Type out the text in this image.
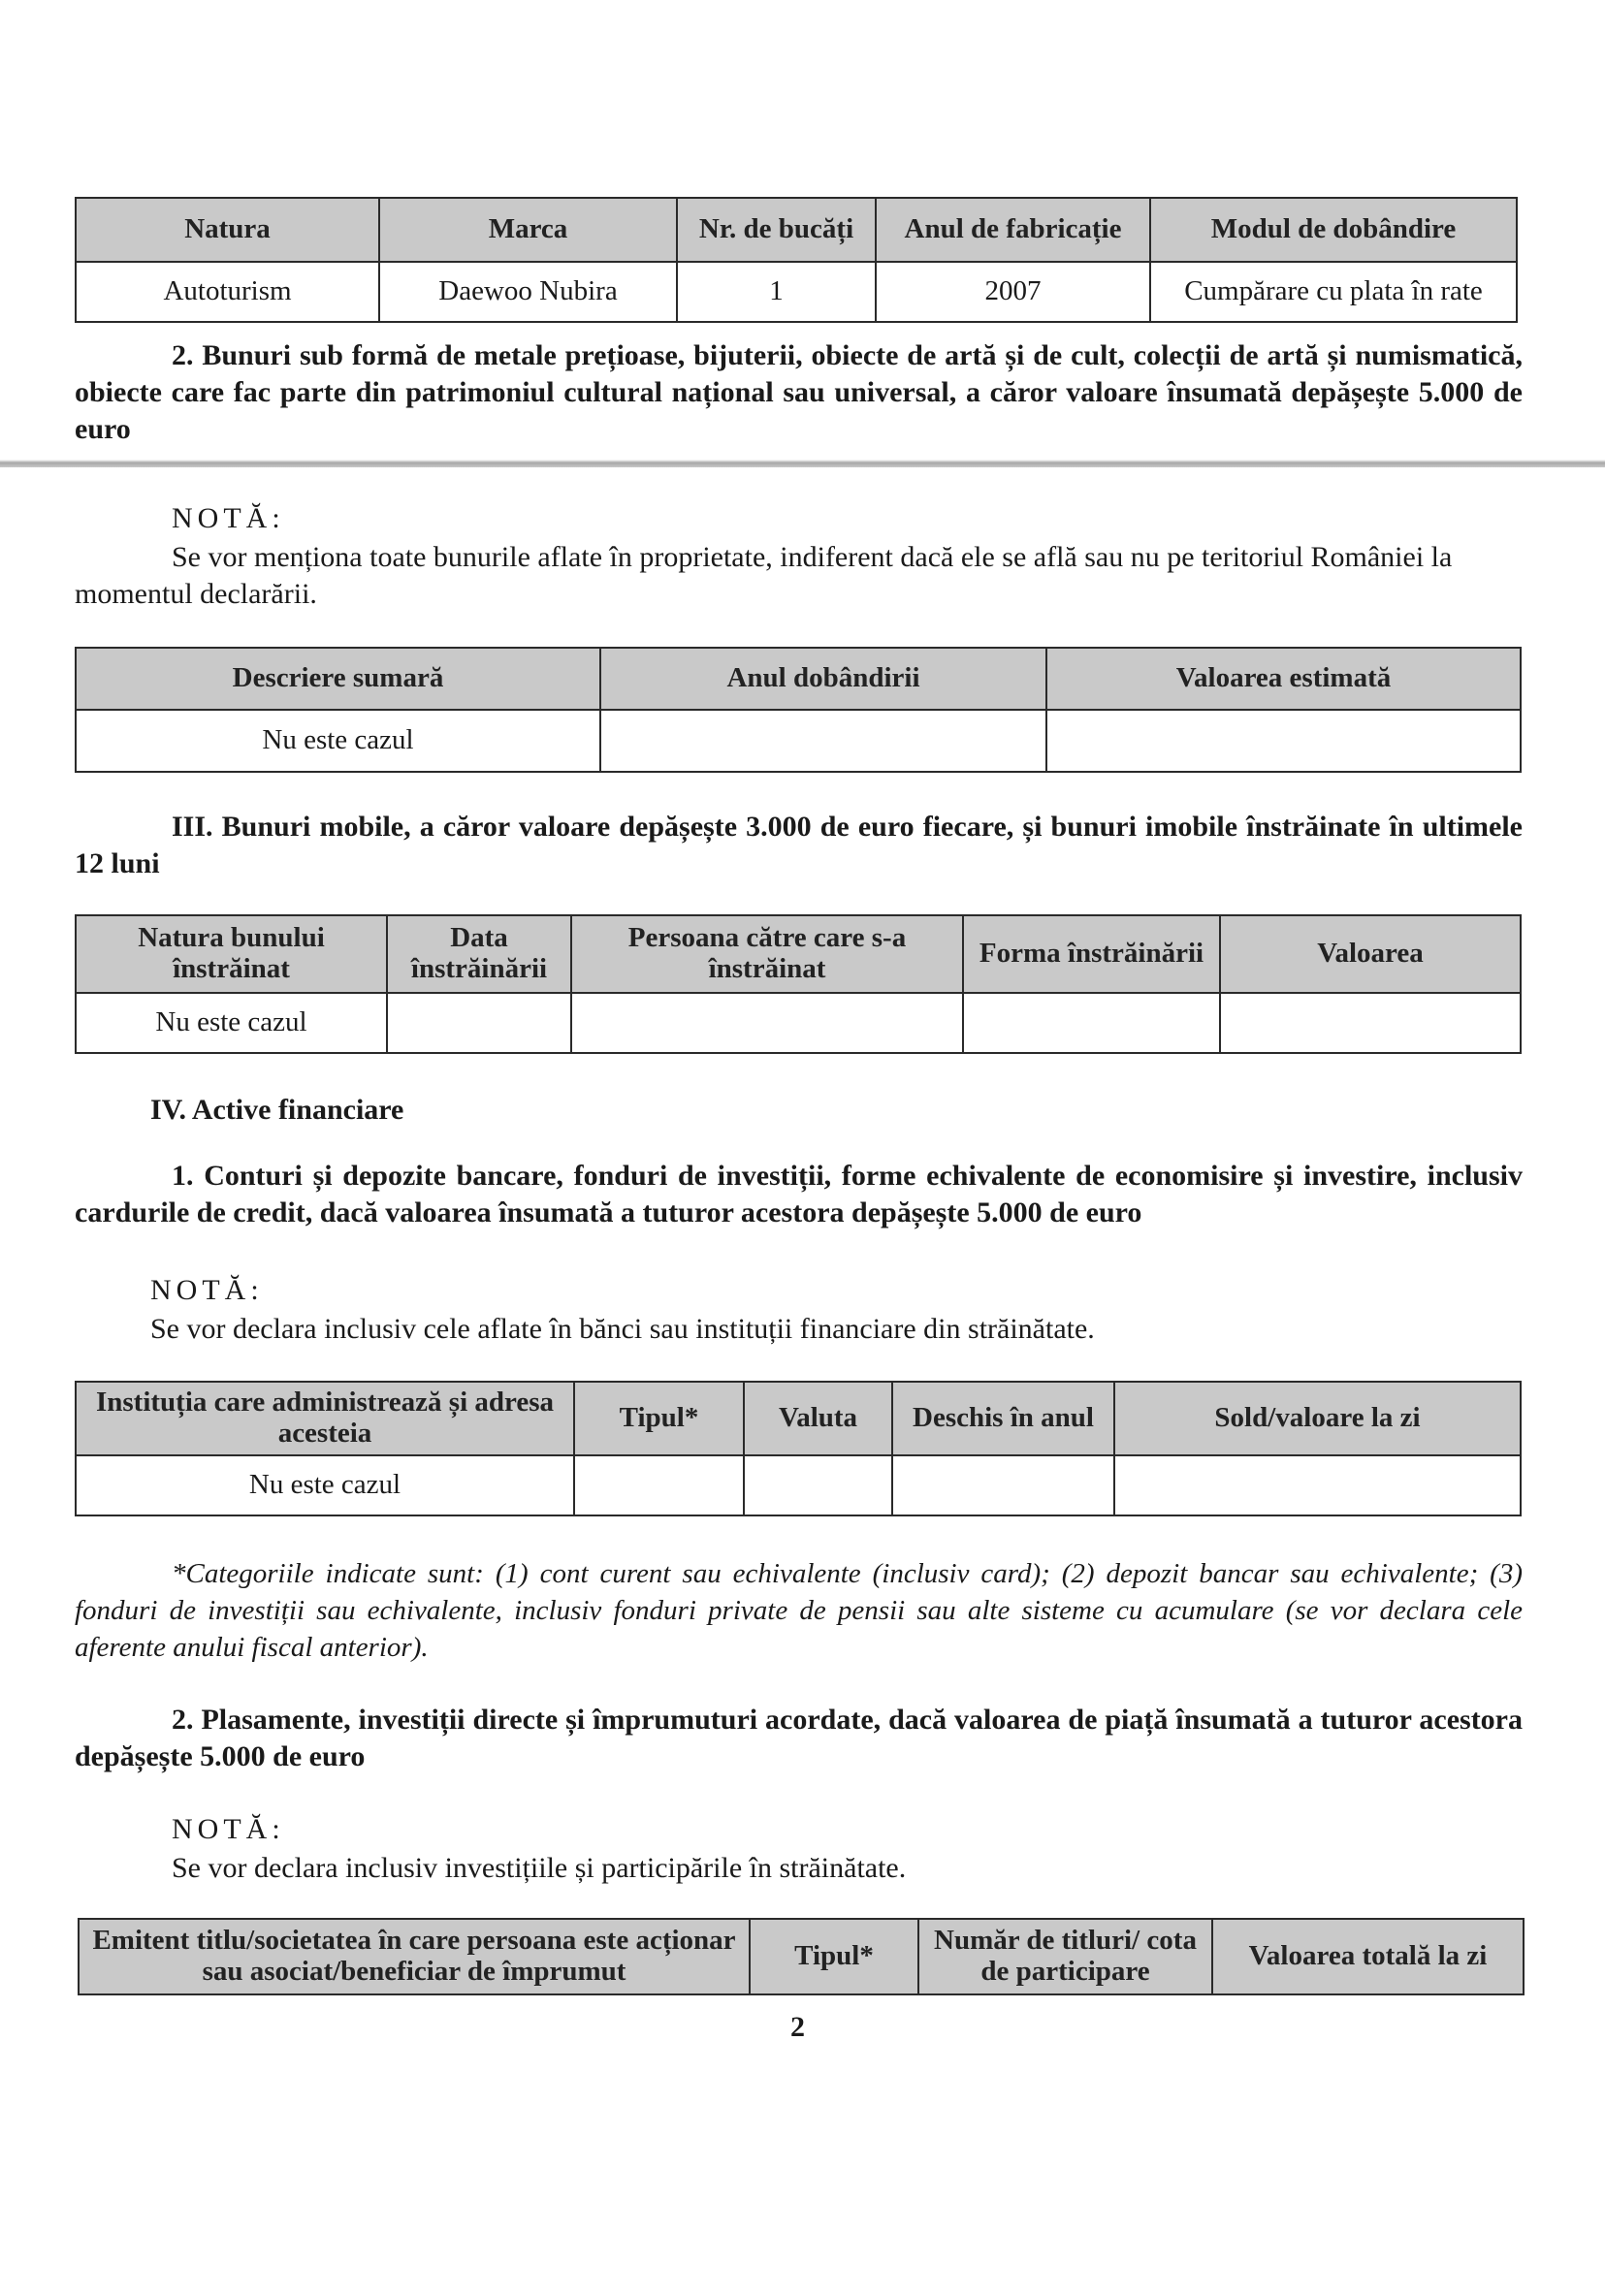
Natura	Marca	Nr. de bucăți	Anul de fabricație	Modul de dobândire
Autoturism	Daewoo Nubira	1	2007	Cumpărare cu plata în rate
2. Bunuri sub formă de metale prețioase, bijuterii, obiecte de artă și de cult, colecții de artă și numismatică, obiecte care fac parte din patrimoniul cultural național sau universal, a căror valoare însumată depășește 5.000 de euro
NOTĂ:
Se vor menționa toate bunurile aflate în proprietate, indiferent dacă ele se află sau nu pe teritoriul României la momentul declarării.
Descriere sumară	Anul dobândirii	Valoarea estimată
Nu este cazul		
III. Bunuri mobile, a căror valoare depășește 3.000 de euro fiecare, și bunuri imobile înstrăinate în ultimele 12 luni
Natura bunului înstrăinat	Data înstrăinării	Persoana către care s-a înstrăinat	Forma înstrăinării	Valoarea
Nu este cazul				
IV. Active financiare
1. Conturi și depozite bancare, fonduri de investiții, forme echivalente de economisire și investire, inclusiv cardurile de credit, dacă valoarea însumată a tuturor acestora depășește 5.000 de euro
NOTĂ:
Se vor declara inclusiv cele aflate în bănci sau instituții financiare din străinătate.
Instituția care administrează și adresa acesteia	Tipul*	Valuta	Deschis în anul	Sold/valoare la zi
Nu este cazul				
*Categoriile indicate sunt: (1) cont curent sau echivalente (inclusiv card); (2) depozit bancar sau echivalente; (3) fonduri de investiții sau echivalente, inclusiv fonduri private de pensii sau alte sisteme cu acumulare (se vor declara cele aferente anului fiscal anterior).
2. Plasamente, investiții directe și împrumuturi acordate, dacă valoarea de piață însumată a tuturor acestora depășește 5.000 de euro
NOTĂ:
Se vor declara inclusiv investițiile și participările în străinătate.
Emitent titlu/societatea în care persoana este acționar sau asociat/beneficiar de împrumut	Tipul*	Număr de titluri/ cota de participare	Valoarea totală la zi
2
